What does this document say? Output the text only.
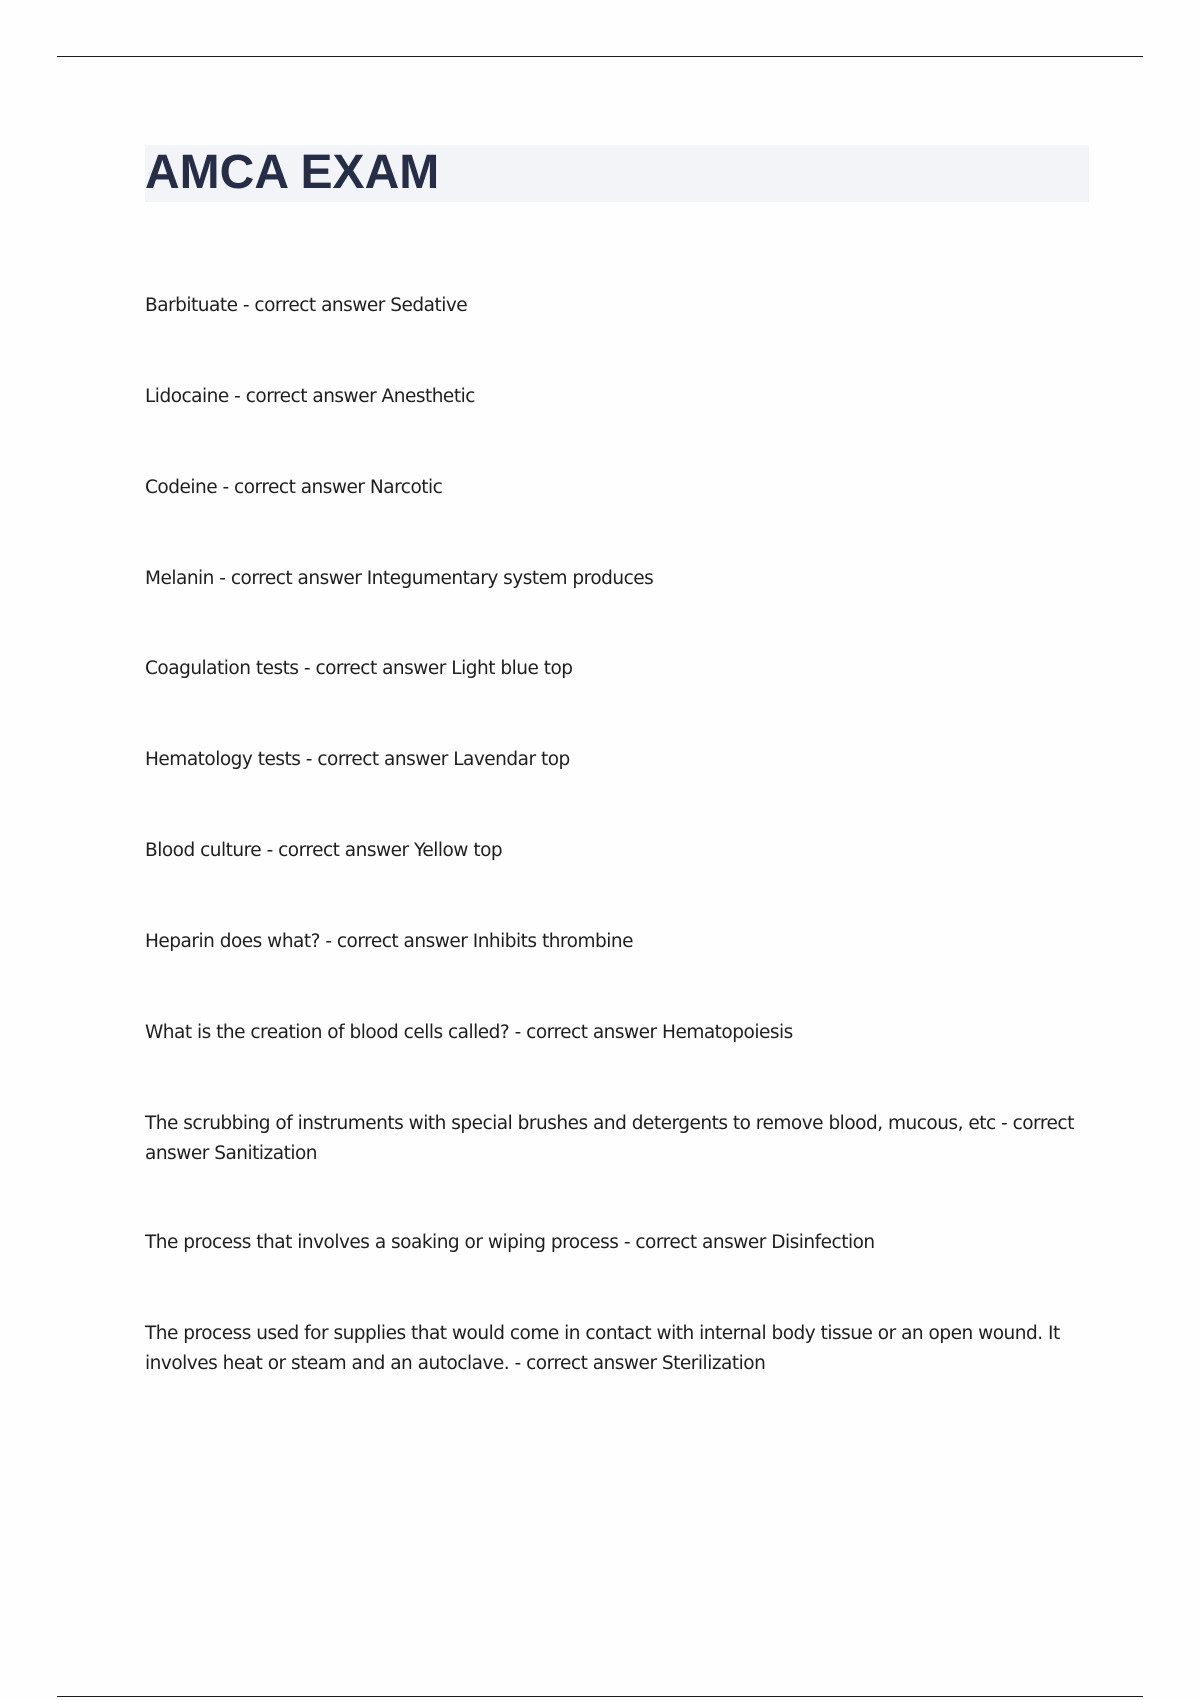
AMCA EXAM
Barbituate - correct answer Sedative
Lidocaine - correct answer Anesthetic
Codeine - correct answer Narcotic
Melanin - correct answer Integumentary system produces
Coagulation tests - correct answer Light blue top
Hematology tests - correct answer Lavendar top
Blood culture - correct answer Yellow top
Heparin does what? - correct answer Inhibits thrombine
What is the creation of blood cells called? - correct answer Hematopoiesis
The scrubbing of instruments with special brushes and detergents to remove blood, mucous, etc - correct answer Sanitization
The process that involves a soaking or wiping process - correct answer Disinfection
The process used for supplies that would come in contact with internal body tissue or an open wound. It involves heat or steam and an autoclave. - correct answer Sterilization
